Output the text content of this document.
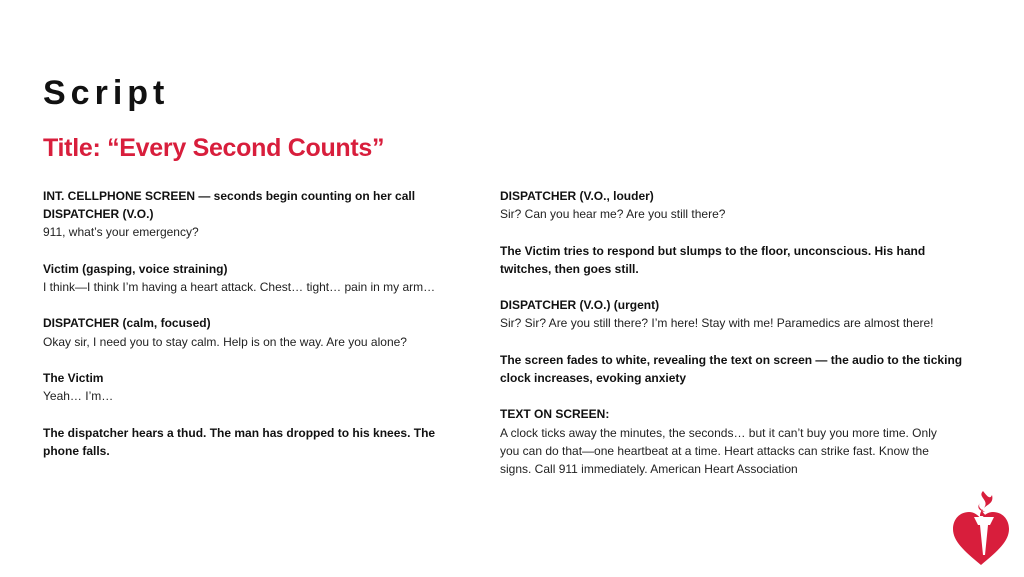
Script
Title: “Every Second Counts”

INT. CELLPHONE SCREEN — seconds begin counting on her call

DISPATCHER (V.O.)

911, what’s your emergency?

Victim (gasping, voice straining)

I think—I think I’m having a heart attack. Chest… tight… pain in my arm…

DISPATCHER (calm, focused)

Okay sir, I need you to stay calm. Help is on the way. Are you alone?

The Victim

Yeah… I’m…

The dispatcher hears a thud. The man has dropped to his knees. The

phone falls.

DISPATCHER (V.O., louder)

Sir? Can you hear me? Are you still there?

The Victim tries to respond but slumps to the floor, unconscious. His hand

twitches, then goes still.

DISPATCHER (V.O.) (urgent)

Sir? Sir? Are you still there? I’m here! Stay with me! Paramedics are almost there!

The screen fades to white, revealing the text on screen — the audio to the ticking

clock increases, evoking anxiety

TEXT ON SCREEN:

A clock ticks away the minutes, the seconds… but it can’t buy you more time. Only

you can do that—one heartbeat at a time. Heart attacks can strike fast. Know the

signs. Call 911 immediately. American Heart Association
